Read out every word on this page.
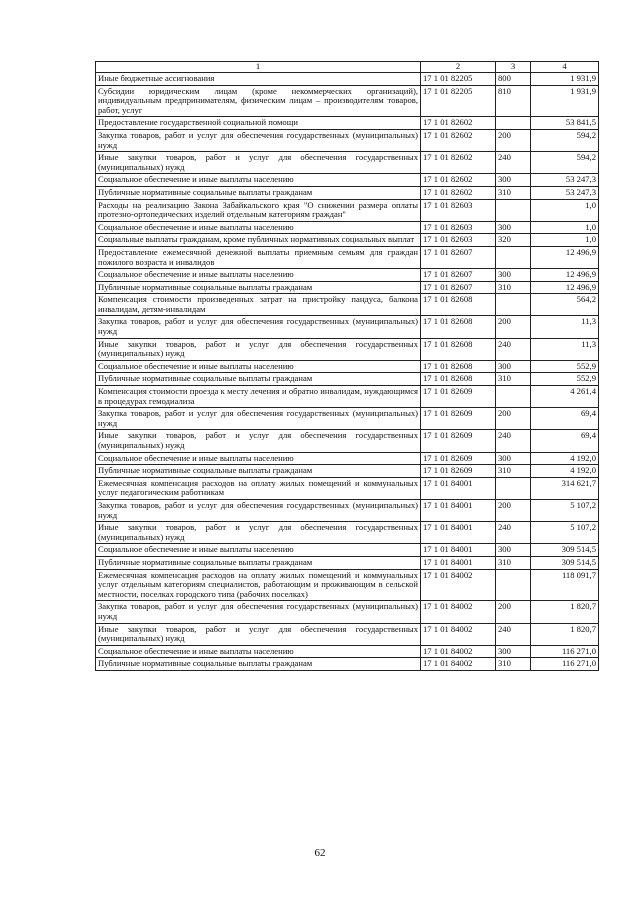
1	2	3	4
Иные бюджетные ассигнования	17 1 01 82205	800	1 931,9
Субсидии юридическим лицам (кроме некоммерческих организаций), индивидуальным предпринимателям, физическим лицам – производителям товаров, работ, услуг	17 1 01 82205	810	1 931,9
Предоставление государственной социальной помощи	17 1 01 82602		53 841,5
Закупка товаров, работ и услуг для обеспечения государственных (муниципальных) нужд	17 1 01 82602	200	594,2
Иные закупки товаров, работ и услуг для обеспечения государственных (муниципальных) нужд	17 1 01 82602	240	594,2
Социальное обеспечение и иные выплаты населению	17 1 01 82602	300	53 247,3
Публичные нормативные социальные выплаты гражданам	17 1 01 82602	310	53 247,3
Расходы на реализацию Закона Забайкальского края "О снижении размера оплаты протезно-ортопедических изделий отдельным категориям граждан"	17 1 01 82603		1,0
Социальное обеспечение и иные выплаты населению	17 1 01 82603	300	1,0
Социальные выплаты гражданам, кроме публичных нормативных социальных выплат	17 1 01 82603	320	1,0
Предоставление ежемесячной денежной выплаты приемным семьям для граждан пожилого возраста и инвалидов	17 1 01 82607		12 496,9
Социальное обеспечение и иные выплаты населению	17 1 01 82607	300	12 496,9
Публичные нормативные социальные выплаты гражданам	17 1 01 82607	310	12 496,9
Компенсация стоимости произведенных затрат на пристройку пандуса, балкона инвалидам, детям-инвалидам	17 1 01 82608		564,2
Закупка товаров, работ и услуг для обеспечения государственных (муниципальных) нужд	17 1 01 82608	200	11,3
Иные закупки товаров, работ и услуг для обеспечения государственных (муниципальных) нужд	17 1 01 82608	240	11,3
Социальное обеспечение и иные выплаты населению	17 1 01 82608	300	552,9
Публичные нормативные социальные выплаты гражданам	17 1 01 82608	310	552,9
Компенсация стоимости проезда к месту лечения и обратно инвалидам, нуждающимся в процедурах гемодиализа	17 1 01 82609		4 261,4
Закупка товаров, работ и услуг для обеспечения государственных (муниципальных) нужд	17 1 01 82609	200	69,4
Иные закупки товаров, работ и услуг для обеспечения государственных (муниципальных) нужд	17 1 01 82609	240	69,4
Социальное обеспечение и иные выплаты населению	17 1 01 82609	300	4 192,0
Публичные нормативные социальные выплаты гражданам	17 1 01 82609	310	4 192,0
Ежемесячная компенсация расходов на оплату жилых помещений и коммунальных услуг педагогическим работникам	17 1 01 84001		314 621,7
Закупка товаров, работ и услуг для обеспечения государственных (муниципальных) нужд	17 1 01 84001	200	5 107,2
Иные закупки товаров, работ и услуг для обеспечения государственных (муниципальных) нужд	17 1 01 84001	240	5 107,2
Социальное обеспечение и иные выплаты населению	17 1 01 84001	300	309 514,5
Публичные нормативные социальные выплаты гражданам	17 1 01 84001	310	309 514,5
Ежемесячная компенсация расходов на оплату жилых помещений и коммунальных услуг отдельным категориям специалистов, работающим и проживающим в сельской местности, поселках городского типа (рабочих поселках)	17 1 01 84002		118 091,7
Закупка товаров, работ и услуг для обеспечения государственных (муниципальных) нужд	17 1 01 84002	200	1 820,7
Иные закупки товаров, работ и услуг для обеспечения государственных (муниципальных) нужд	17 1 01 84002	240	1 820,7
Социальное обеспечение и иные выплаты населению	17 1 01 84002	300	116 271,0
Публичные нормативные социальные выплаты гражданам	17 1 01 84002	310	116 271,0
62
